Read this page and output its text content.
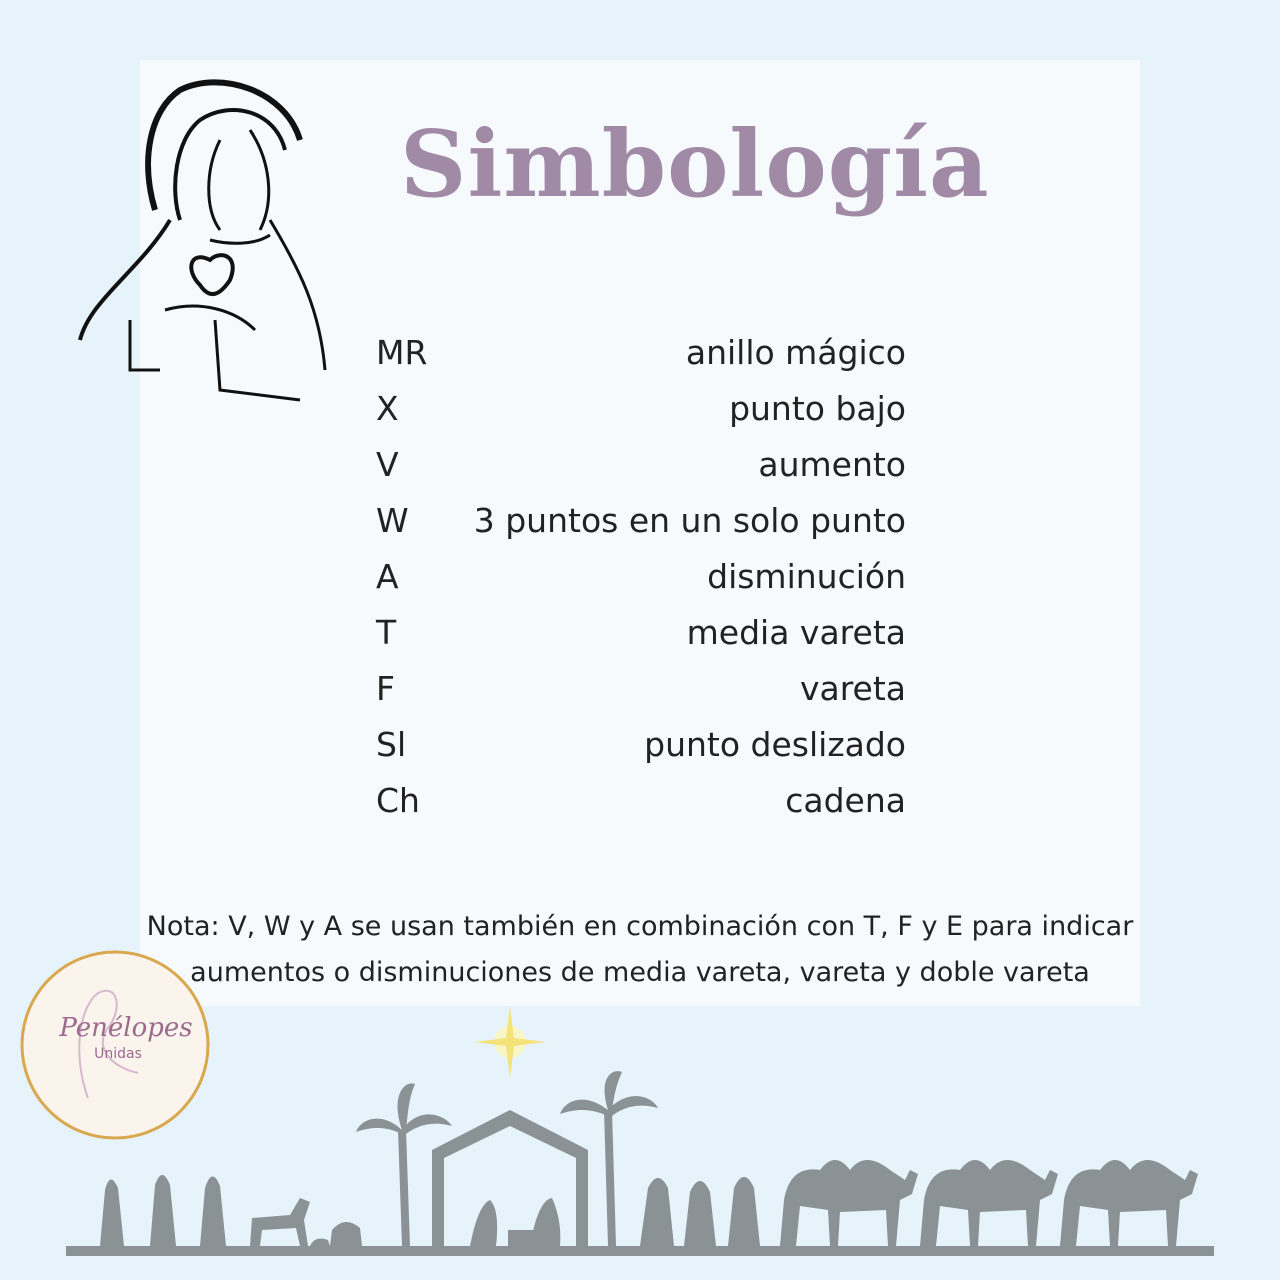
Simbología
MR	anillo mágico
X	punto bajo
V	aumento
W 3 puntos en un solo punto
A	disminución
T	media vareta
F	vareta
Sl	punto deslizado
Ch	cadena
Nota: V, W y A se usan también en combinación con T, F y E para indicar
aumentos o disminuciones de media vareta, vareta y doble vareta
Penélopes
Unidas
